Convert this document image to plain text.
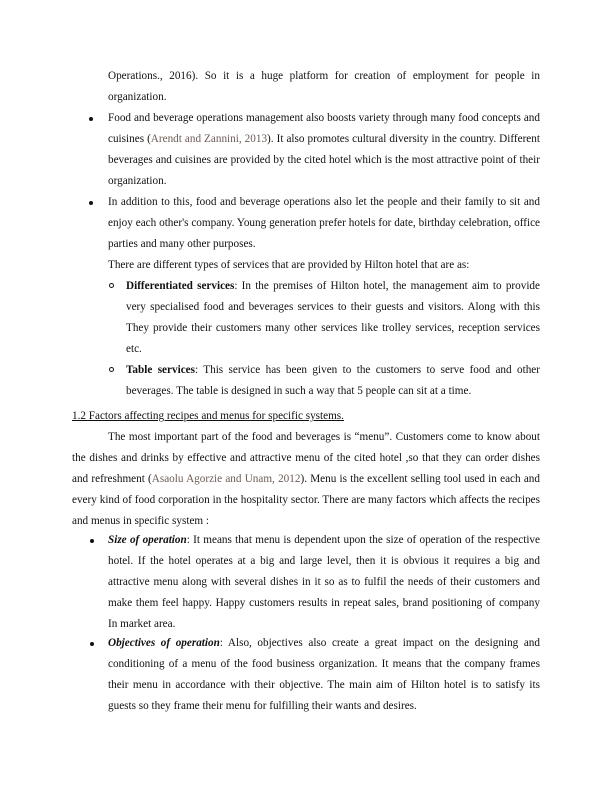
Operations., 2016). So it is a huge platform for creation of employment for people in organization.

Food and beverage operations management also boosts variety through many food concepts and cuisines (Arendt and Zannini, 2013). It also promotes cultural diversity in the country. Different beverages and cuisines are provided by the cited hotel which is the most attractive point of their organization.

In addition to this, food and beverage operations also let the people and their family to sit and enjoy each other's company. Young generation prefer hotels for date, birthday celebration, office parties and many other purposes.

There are different types of services that are provided by Hilton hotel that are as:

Differentiated services: In the premises of Hilton hotel, the management aim to provide very specialised food and beverages services to their guests and visitors. Along with this They provide their customers many other services like trolley services, reception services etc.

Table services: This service has been given to the customers to serve food and other beverages. The table is designed in such a way that 5 people can sit at a time.

1.2 Factors affecting recipes and menus for specific systems.

The most important part of the food and beverages is “menu”. Customers come to know about the dishes and drinks by effective and attractive menu of the cited hotel ,so that they can order dishes and refreshment (Asaolu Agorzie and Unam, 2012). Menu is the excellent selling tool used in each and every kind of food corporation in the hospitality sector. There are many factors which affects the recipes and menus in specific system :

Size of operation: It means that menu is dependent upon the size of operation of the respective hotel. If the hotel operates at a big and large level, then it is obvious it requires a big and attractive menu along with several dishes in it so as to fulfil the needs of their customers and make them feel happy. Happy customers results in repeat sales, brand positioning of company In market area.

Objectives of operation: Also, objectives also create a great impact on the designing and conditioning of a menu of the food business organization. It means that the company frames their menu in accordance with their objective. The main aim of Hilton hotel is to satisfy its guests so they frame their menu for fulfilling their wants and desires.
